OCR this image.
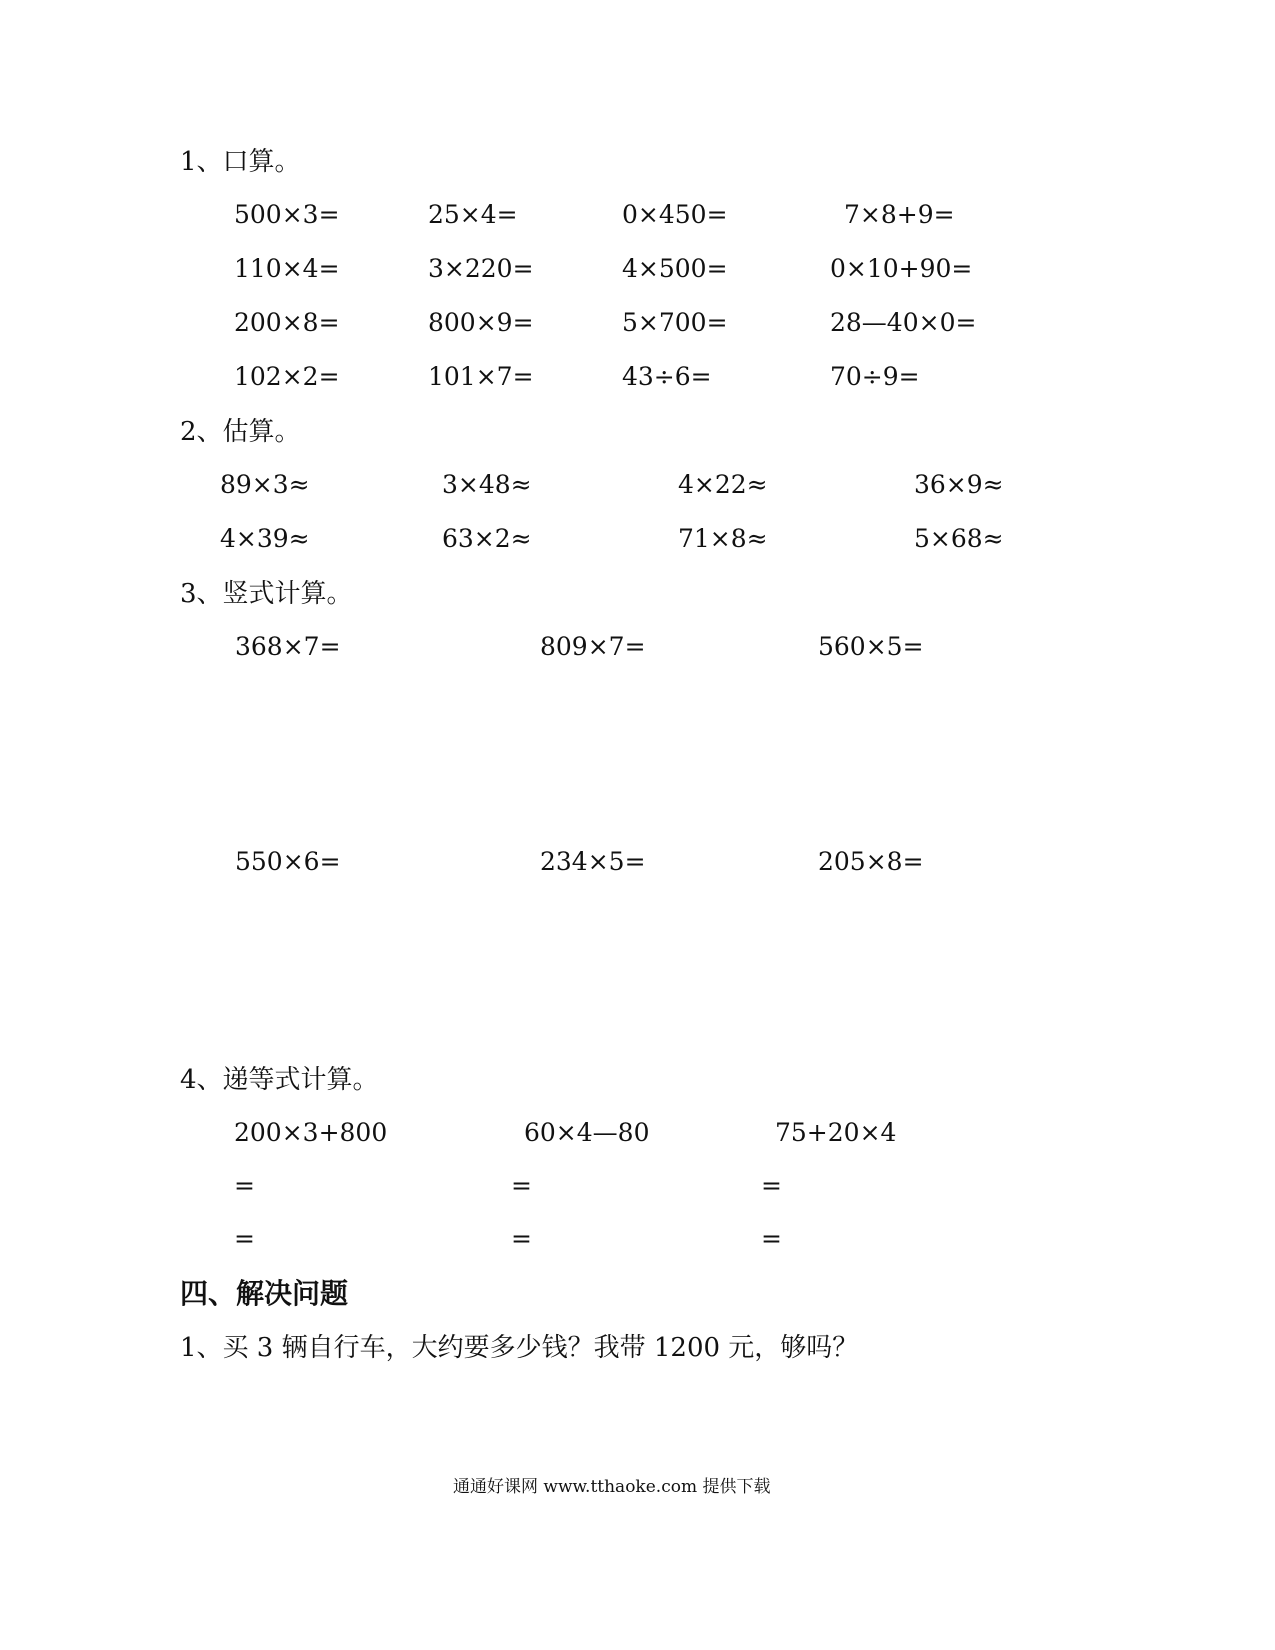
1、口算。
500×3=	25×4=	0×450=	7×8+9=
110×4=	3×220=	4×500=	0×10+90=
200×8=	800×9=	5×700=	28—40×0=
102×2=	101×7=	43÷6=	70÷9=
2、估算。
89×3≈	3×48≈	4×22≈	36×9≈
4×39≈	63×2≈	71×8≈	5×68≈
3、竖式计算。
368×7=	809×7=	560×5=
550×6=	234×5=	205×8=
4、递等式计算。
200×3+800	60×4—80	75+20×4
=	=	=
=	=	=
四、解决问题
1、买 3 辆自行车，大约要多少钱？我带 1200 元，够吗？
通通好课网 www.tthaoke.com 提供下载
